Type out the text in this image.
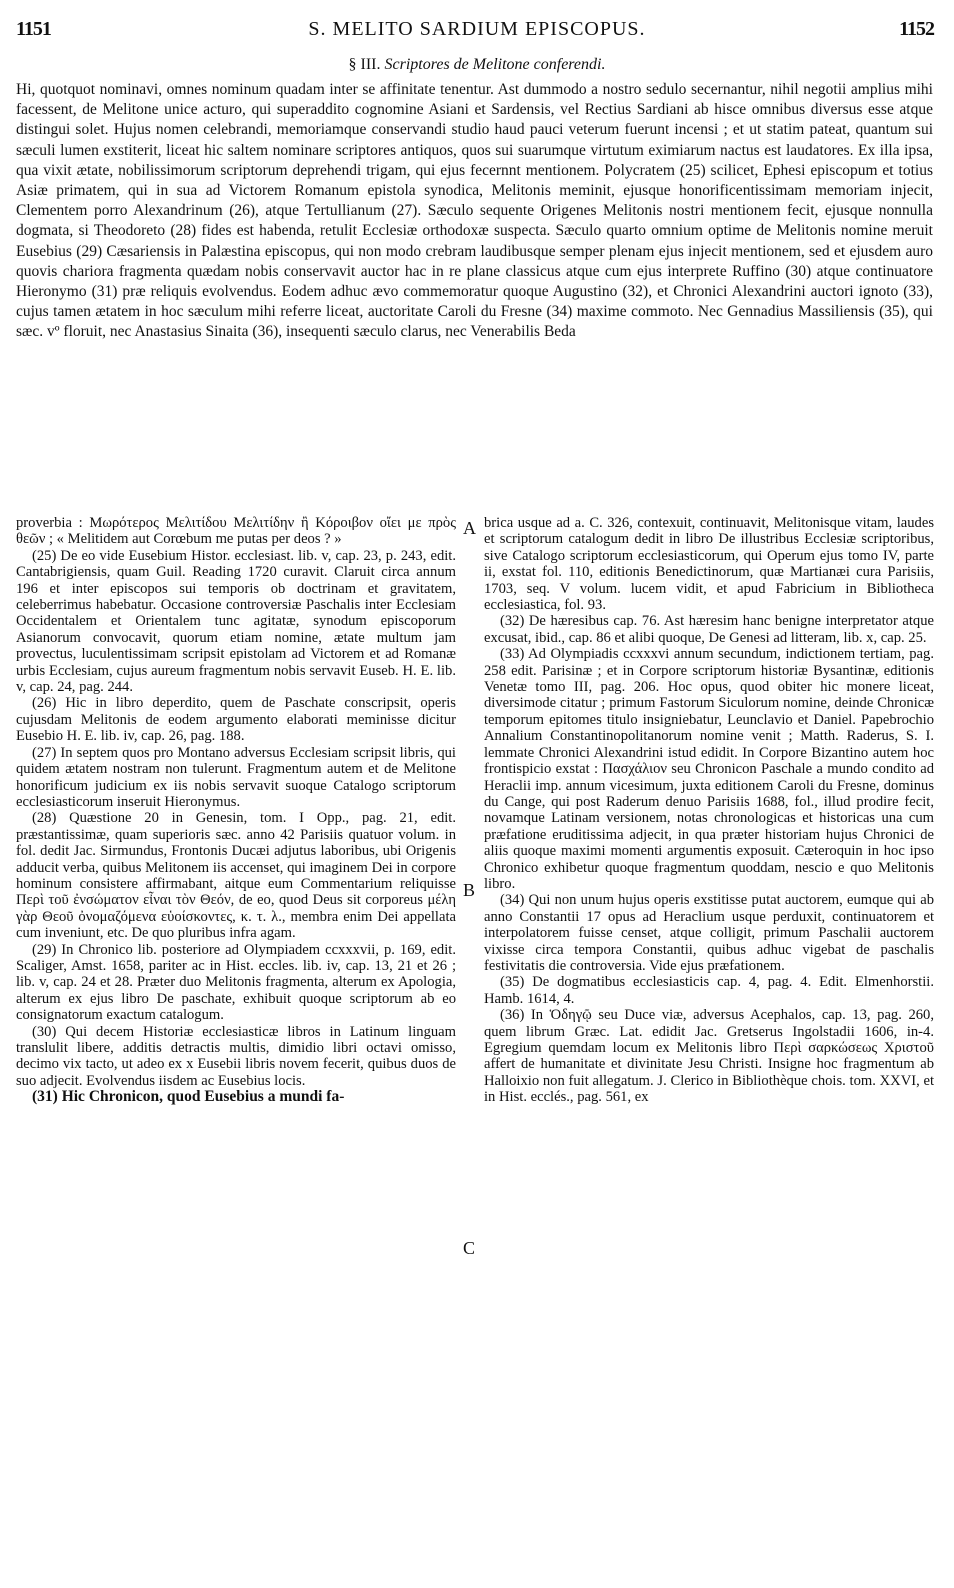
1151	S. MELITO SARDIUM EPISCOPUS.	1152
§ III. Scriptores de Melitone conferendi.

Hi, quotquot nominavi, omnes nominum quadam inter se affinitate tenentur. Ast dummodo a nostro sedulo secernantur, nihil negotii amplius mihi facessent, de Melitone unice acturo, qui superaddito cognomine Asiani et Sardensis, vel Rectius Sardiani ab hisce omnibus diversus esse atque distingui solet. Hujus nomen celebrandi, memoriamque conservandi studio haud pauci veterum fuerunt incensi ; et ut statim pateat, quantum sui sæculi lumen exstiterit, liceat hic saltem nominare scriptores antiquos, quos sui suarumque virtutum eximiarum nactus est laudatores. Ex illa ipsa, qua vixit ætate, nobilissimorum scriptorum deprehendi trigam, qui ejus fecernnt mentionem. Polycratem (25) scilicet, Ephesi episcopum et totius Asiæ primatem, qui in sua ad Victorem Romanum epistola synodica, Melitonis meminit, ejusque honorificentissimam memoriam injecit, Clementem porro Alexandrinum (26), atque Tertullianum (27). Sæculo sequente Origenes Melitonis nostri mentionem fecit, ejusque nonnulla dogmata, si Theodoreto (28) fides est habenda, retulit Ecclesiæ orthodoxæ suspecta. Sæculo quarto omnium optime de Melitonis nomine meruit Eusebius (29) Cæsariensis in Palæstina episcopus, qui non modo crebram laudibusque semper plenam ejus injecit mentionem, sed et ejusdem auro quovis chariora fragmenta quædam nobis conservavit auctor hac in re plane classicus atque cum ejus interprete Ruffino (30) atque continuatore Hieronymo (31) præ reliquis evolvendus. Eodem adhuc ævo commemoratur quoque Augustino (32), et Chronici Alexandrini auctori ignoto (33), cujus tamen ætatem in hoc sæculum mihi referre liceat, auctoritate Caroli du Fresne (34) maxime commoto. Nec Gennadius Massiliensis (35), qui sæc. vº floruit, nec Anastasius Sinaita (36), insequenti sæculo clarus, nec Venerabilis Beda

proverbia : Μωρότερος Μελιτίδου Μελιτίδην ἢ Κόροιβον οἴει με πρὸς θεῶν ; « Melitidem aut Corœbum me putas per deos ? »

(25) De eo vide Eusebium Histor. ecclesiast. lib. v, cap. 23, p. 243, edit. Cantabrigiensis, quam Guil. Reading 1720 curavit. Claruit circa annum 196 et inter episcopos sui temporis ob doctrinam et gravitatem, celeberrimus habebatur. Occasione controversiæ Paschalis inter Ecclesiam Occidentalem et Orientalem tunc agitatæ, synodum episcoporum Asianorum convocavit, quorum etiam nomine, ætate multum jam provectus, luculentissimam scripsit epistolam ad Victorem et ad Romanæ urbis Ecclesiam, cujus aureum fragmentum nobis servavit Euseb. H. E. lib. v, cap. 24, pag. 244.

(26) Hic in libro deperdito, quem de Paschate conscripsit, operis cujusdam Melitonis de eodem argumento elaborati meminisse dicitur Eusebio H. E. lib. iv, cap. 26, pag. 188.

(27) In septem quos pro Montano adversus Ecclesiam scripsit libris, qui quidem ætatem nostram non tulerunt. Fragmentum autem et de Melitone honorificum judicium ex iis nobis servavit suoque Catalogo scriptorum ecclesiasticorum inseruit Hieronymus.

(28) Quæstione 20 in Genesin, tom. I Opp., pag. 21, edit. præstantissimæ, quam superioris sæc. anno 42 Parisiis quatuor volum. in fol. dedit Jac. Sirmundus, Frontonis Ducæi adjutus laboribus, ubi Origenis adducit verba, quibus Melitonem iis accenset, qui imaginem Dei in corpore hominum consistere affirmabant, aitque eum Commentarium reliquisse Περὶ τοῦ ἐνσώματον εἶναι τὸν Θεόν, de eo, quod Deus sit corporeus μέλη γὰρ Θεοῦ ὀνομαζόμενα εὑοίσκοντες, κ. τ. λ., membra enim Dei appellata cum inveniunt, etc. De quo pluribus infra agam.

(29) In Chronico lib. posteriore ad Olympiadem ccxxxvii, p. 169, edit. Scaliger, Amst. 1658, pariter ac in Hist. eccles. lib. iv, cap. 13, 21 et 26 ; lib. v, cap. 24 et 28. Præter duo Melitonis fragmenta, alterum ex Apologia, alterum ex ejus libro De paschate, exhibuit quoque scriptorum ab eo consignatorum exactum catalogum.

(30) Qui decem Historiæ ecclesiasticæ libros in Latinum linguam translulit libere, additis detractis multis, dimidio libri octavi omisso, decimo vix tacto, ut adeo ex x Eusebii libris novem fecerit, quibus duos de suo adjecit. Evolvendus iisdem ac Eusebius locis.

(31) Hic Chronicon, quod Eusebius a mundi fa-

A
B
C

brica usque ad a. C. 326, contexuit, continuavit, Melitonisque vitam, laudes et scriptorum catalogum dedit in libro De illustribus Ecclesiæ scriptoribus, sive Catalogo scriptorum ecclesiasticorum, qui Operum ejus tomo IV, parte ii, exstat fol. 110, editionis Benedictinorum, quæ Martianæi cura Parisiis, 1703, seq. V volum. lucem vidit, et apud Fabricium in Bibliotheca ecclesiastica, fol. 93.

(32) De hæresibus cap. 76. Ast hæresim hanc benigne interpretator atque excusat, ibid., cap. 86 et alibi quoque, De Genesi ad litteram, lib. x, cap. 25.

(33) Ad Olympiadis ccxxxvi annum secundum, indictionem tertiam, pag. 258 edit. Parisinæ ; et in Corpore scriptorum historiæ Bysantinæ, editionis Venetæ tomo III, pag. 206. Hoc opus, quod obiter hic monere liceat, diversimode citatur ; primum Fastorum Siculorum nomine, deinde Chronicæ temporum epitomes titulo insigniebatur, Leunclavio et Daniel. Papebrochio Annalium Constantinopolitanorum nomine venit ; Matth. Raderus, S. I. lemmate Chronici Alexandrini istud edidit. In Corpore Bizantino autem hoc frontispicio exstat : Πασχάλιον seu Chronicon Paschale a mundo condito ad Heraclii imp. annum vicesimum, juxta editionem Caroli du Fresne, dominus du Cange, qui post Raderum denuo Parisiis 1688, fol., illud prodire fecit, novamque Latinam versionem, notas chronologicas et historicas una cum præfatione eruditissima adjecit, in qua præter historiam hujus Chronici de aliis quoque maximi momenti argumentis exposuit. Cæteroquin in hoc ipso Chronico exhibetur quoque fragmentum quoddam, nescio e quo Melitonis libro.

(34) Qui non unum hujus operis exstitisse putat auctorem, eumque qui ab anno Constantii 17 opus ad Heraclium usque perduxit, continuatorem et interpolatorem fuisse censet, atque colligit, primum Paschalii auctorem vixisse circa tempora Constantii, quibus adhuc vigebat de paschalis festivitatis die controversia. Vide ejus præfationem.

(35) De dogmatibus ecclesiasticis cap. 4, pag. 4. Edit. Elmenhorstii. Hamb. 1614, 4.

(36) In Ὁδηγῷ seu Duce viæ, adversus Acephalos, cap. 13, pag. 260, quem librum Græc. Lat. edidit Jac. Gretserus Ingolstadii 1606, in-4. Egregium quemdam locum ex Melitonis libro Περὶ σαρκώσεως Χριστοῦ affert de humanitate et divinitate Jesu Christi. Insigne hoc fragmentum ab Halloixio non fuit allegatum. J. Clerico in Bibliothèque chois. tom. XXVI, et in Hist. ecclés., pag. 561, ex
